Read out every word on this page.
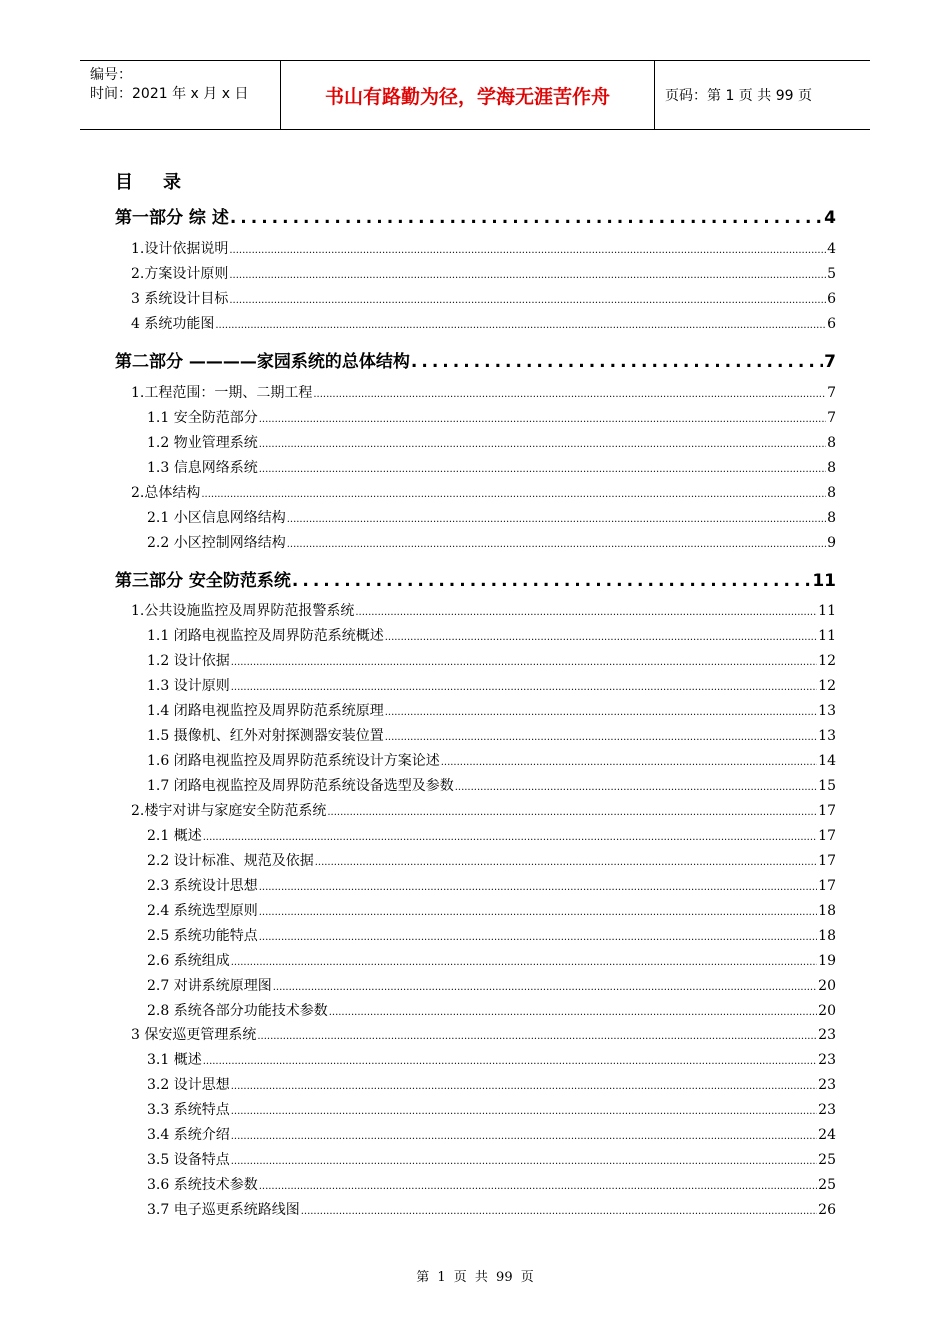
编号：
时间：2021 年 x 月 x 日	书山有路勤为径，学海无涯苦作舟	页码：第 1 页 共 99 页
目录
第一部分 综 述 .....	4
1.设计依据说明 .....	4
2.方案设计原则 .....	5
3 系统设计目标 .....	6
4 系统功能图 .....	6
第二部分 ————家园系统的总体结构 .....	7
1.工程范围：一期、二期工程 .....	7
1.1 安全防范部分 .....	7
1.2 物业管理系统 .....	8
1.3 信息网络系统 .....	8
2.总体结构 .....	8
2.1 小区信息网络结构 .....	8
2.2 小区控制网络结构 .....	9
第三部分 安全防范系统 .....	11
1.公共设施监控及周界防范报警系统 .....	11
1.1 闭路电视监控及周界防范系统概述 .....	11
1.2 设计依据 .....	12
1.3 设计原则 .....	12
1.4 闭路电视监控及周界防范系统原理 .....	13
1.5 摄像机、红外对射探测器安装位置 .....	13
1.6 闭路电视监控及周界防范系统设计方案论述 .....	14
1.7 闭路电视监控及周界防范系统设备选型及参数 .....	15
2.楼宇对讲与家庭安全防范系统 .....	17
2.1 概述 .....	17
2.2 设计标准、规范及依据 .....	17
2.3 系统设计思想 .....	17
2.4 系统选型原则 .....	18
2.5 系统功能特点 .....	18
2.6 系统组成 .....	19
2.7 对讲系统原理图 .....	20
2.8 系统各部分功能技术参数 .....	20
3 保安巡更管理系统 .....	23
3.1 概述 .....	23
3.2 设计思想 .....	23
3.3 系统特点 .....	23
3.4 系统介绍 .....	24
3.5 设备特点 .....	25
3.6 系统技术参数 .....	25
3.7 电子巡更系统路线图 .....	26
第 1 页 共 99 页
